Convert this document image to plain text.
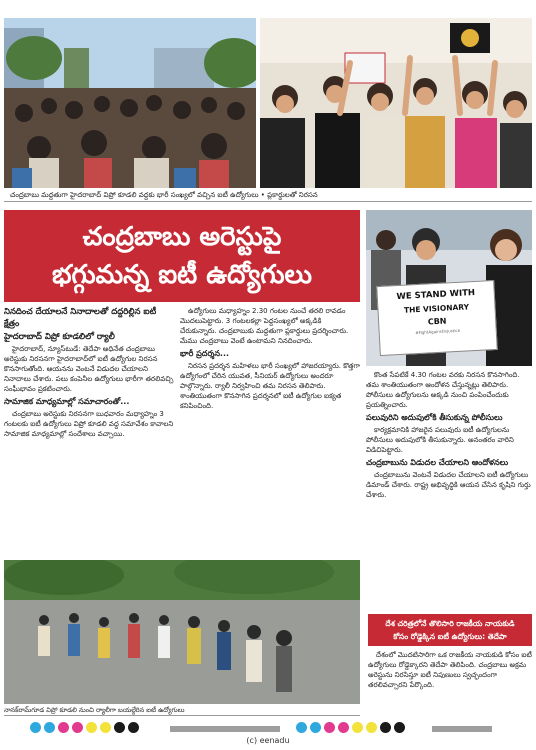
చంద్రబాబు మద్దతుగా హైదరాబాద్ విప్రో కూడలి వద్దకు భారీ సంఖ్యలో వచ్చిన ఐటీ ఉద్యోగులు • ప్లకార్డులతో నిరసన
చంద్రబాబు అరెస్టుపై
భగ్గుమన్న ఐటీ ఉద్యోగులు
WE STAND WITH
THE VISIONARY
CBN
#FightAgainstInjustice

నినదించ దేయాలనే నినాదాలతో దద్దరిల్లిన ఐటీ క్షేత్రం

హైదరాబాద్ విప్రో కూడలిలో ర్యాలీ

హైదరాబాద్, న్యూస్‌టుడే: తెదేపా అధినేత చంద్రబాబు అరెస్టుకు నిరసనగా హైదరాబాద్‌లో ఐటీ ఉద్యోగుల నిరసన కొనసాగుతోంది. ఆయనను వెంటనే విడుదల చేయాలని నినాదాలు చేశారు. పలు కంపెనీల ఉద్యోగులు భారీగా తరలివచ్చి సంఘీభావం ప్రకటించారు.

సామాజిక మాధ్యమాల్లో సమాచారంతో...

చంద్రబాబు అరెస్టుకు నిరసనగా బుధవారం మధ్యాహ్నం 3 గంటలకు ఐటీ ఉద్యోగులు విప్రో కూడలి వద్ద సమావేశం కావాలని సామాజిక మాధ్యమాల్లో సందేశాలు వచ్చాయి.

ఉద్యోగులు మధ్యాహ్నం 2.30 గంటల నుంచే తరలి రావడం మొదలుపెట్టారు. 3 గంటలకల్లా పెద్దసంఖ్యలో అక్కడికి చేరుకున్నారు. చంద్రబాబుకు మద్దతుగా ప్లకార్డులు ప్రదర్శించారు. మేము చంద్రబాబు వెంటే ఉంటామని నినదించారు.

భారీ ప్రదర్శన...

నిరసన ప్రదర్శన మహిళలు భారీ సంఖ్యలో హాజరయ్యారు. కొత్తగా ఉద్యోగంలో చేరిన యువత, సీనియర్ ఉద్యోగులు అందరూ పాల్గొన్నారు. ర్యాలీ నిర్వహించి తమ నిరసన తెలిపారు. శాంతియుతంగా కొనసాగిన ప్రదర్శనలో ఐటీ ఉద్యోగుల ఐక్యత కనిపించింది.

కొంత సేపటికే 4.30 గంటల వరకు నిరసన కొనసాగింది. తమ శాంతియుతంగా ఆందోళన చేస్తున్నట్లు తెలిపారు. పోలీసులు ఉద్యోగులను అక్కడి నుంచి పంపించేందుకు ప్రయత్నించారు.

పలువురిని అదుపులోకి తీసుకున్న పోలీసులు

కార్యక్రమానికి హాజరైన పలువురు ఐటీ ఉద్యోగులను పోలీసులు అదుపులోకి తీసుకున్నారు. అనంతరం వారిని విడిచిపెట్టారు.

చంద్రబాబును విడుదల చేయాలని ఆందోళనలు

చంద్రబాబును వెంటనే విడుదల చేయాలని ఐటీ ఉద్యోగులు డిమాండ్ చేశారు. రాష్ట్ర అభివృద్ధికి ఆయన చేసిన కృషిని గుర్తు చేశారు.

దేశ చరిత్రలోనే తొలిసారి రాజకీయ నాయకుడి
కోసం రోడ్డెక్కిన ఐటీ ఉద్యోగులు: తెదేపా

దేశంలో మొదటిసారిగా ఒక రాజకీయ నాయకుడి కోసం ఐటీ ఉద్యోగులు రోడ్డెక్కారని తెదేపా తెలిపింది. చంద్రబాబు అక్రమ అరెస్టును నిరసిస్తూ ఐటీ నిపుణులు స్వచ్ఛందంగా తరలివచ్చారని పేర్కొంది.

నానక్‌రామ్‌గూడ విప్రో కూడలి నుంచి ర్యాలీగా బయల్దేరిన ఐటీ ఉద్యోగులు
(c) eenadu
